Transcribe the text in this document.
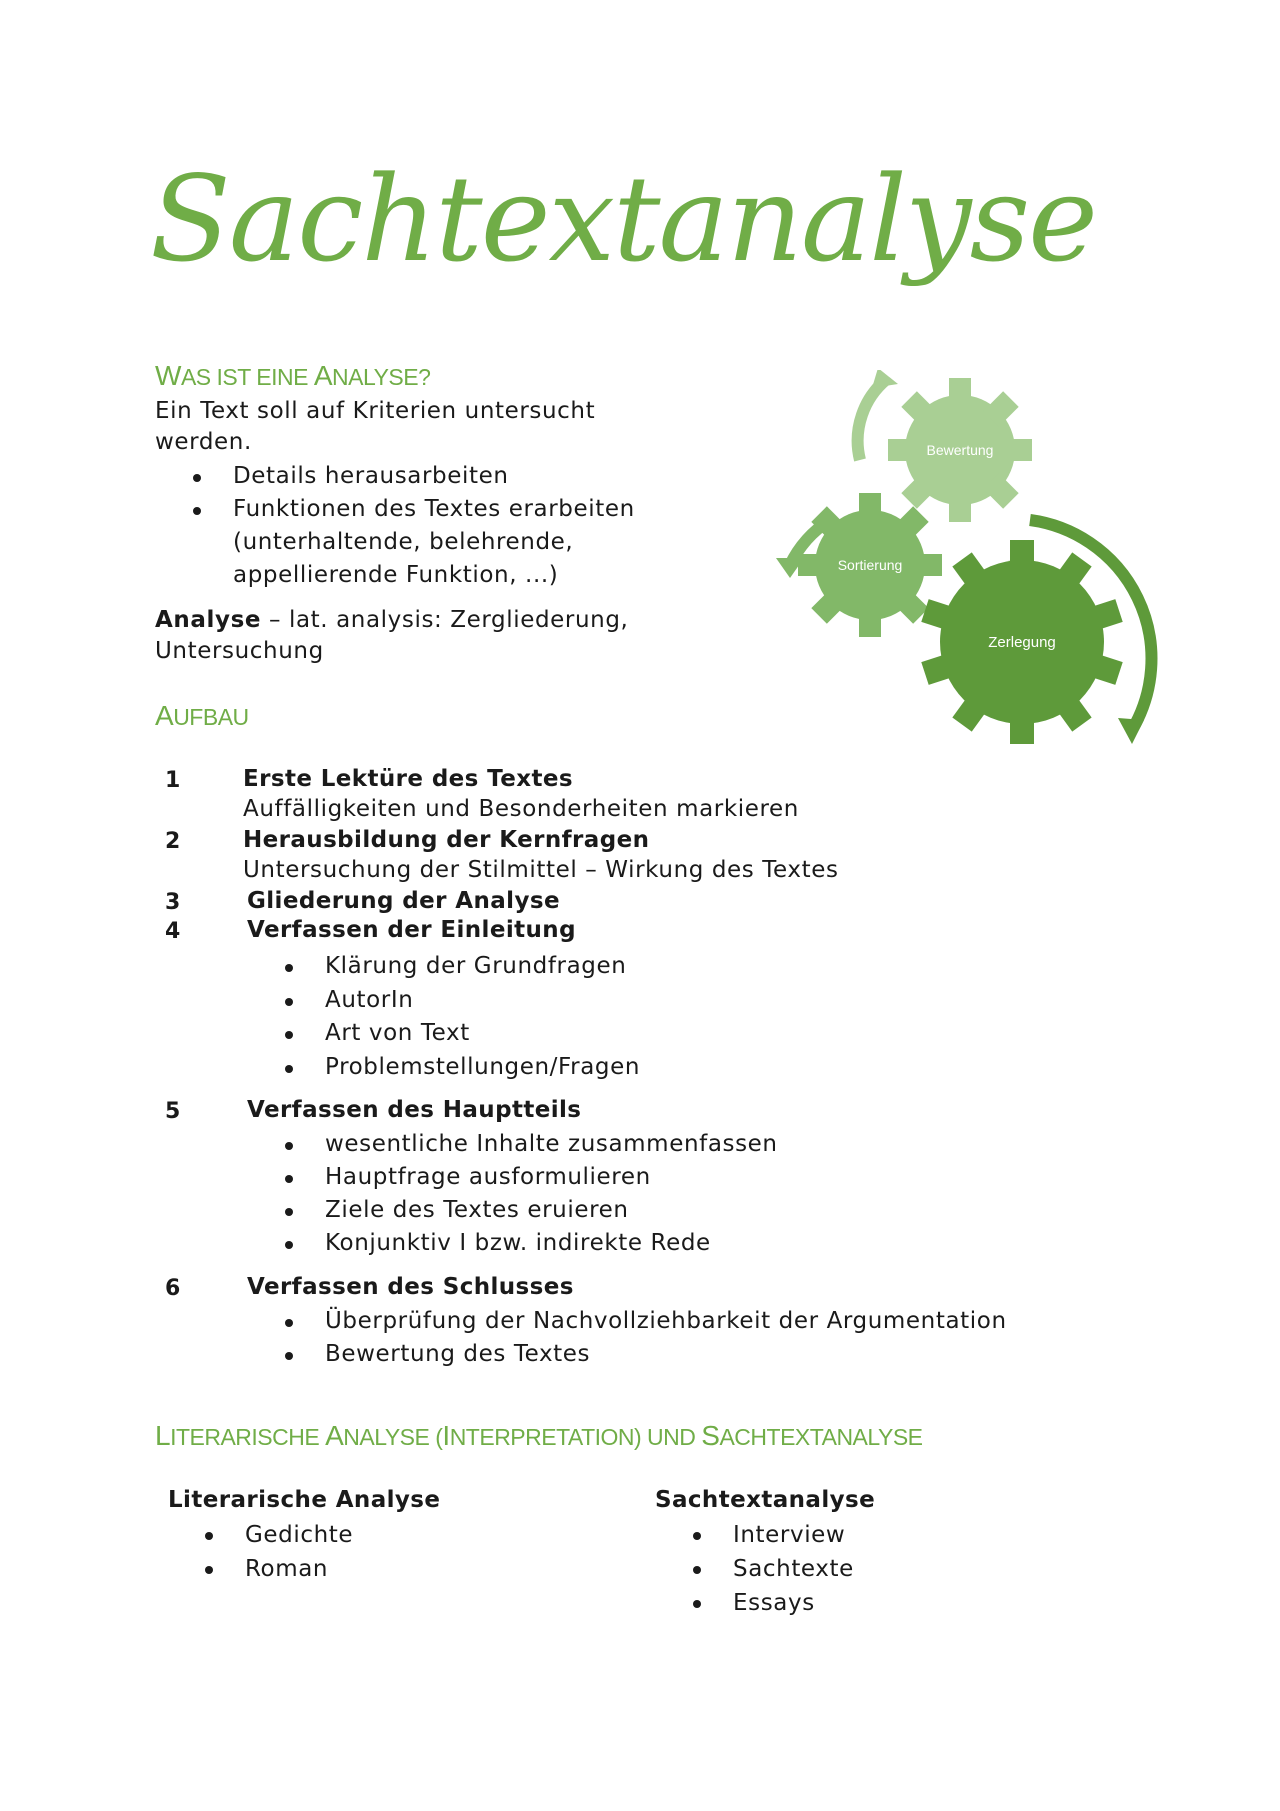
Sachtextanalyse
WAS IST EINE ANALYSE?
Ein Text soll auf Kriterien untersucht werden.
Details herausarbeiten
Funktionen des Textes erarbeiten (unterhaltende, belehrende, appellierende Funktion, ...)
Analyse – lat. analysis: Zergliederung, Untersuchung
Bewertung
Sortierung
Zerlegung
AUFBAU
1	Erste Lektüre des Textes
Auffälligkeiten und Besonderheiten markieren
2	Herausbildung der Kernfragen
Untersuchung der Stilmittel – Wirkung des Textes
3	Gliederung der Analyse
4	Verfassen der Einleitung
Klärung der Grundfragen
AutorIn
Art von Text
Problemstellungen/Fragen
5	Verfassen des Hauptteils
wesentliche Inhalte zusammenfassen
Hauptfrage ausformulieren
Ziele des Textes eruieren
Konjunktiv I bzw. indirekte Rede
6	Verfassen des Schlusses
Überprüfung der Nachvollziehbarkeit der Argumentation
Bewertung des Textes
LITERARISCHE ANALYSE (INTERPRETATION) UND SACHTEXTANALYSE
Literarische Analyse
Gedichte
Roman
Sachtextanalyse
Interview
Sachtexte
Essays
